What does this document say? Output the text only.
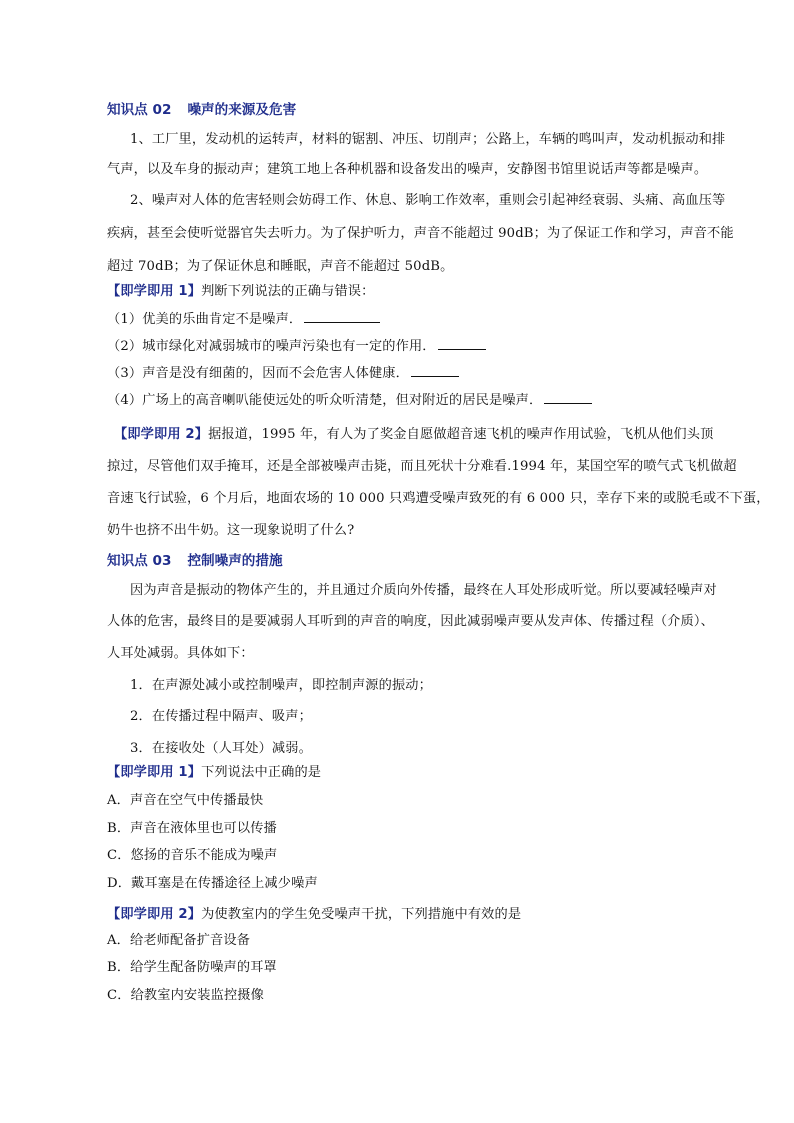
知识点 02 噪声的来源及危害
1、工厂里，发动机的运转声，材料的锯割、冲压、切削声；公路上，车辆的鸣叫声，发动机振动和排
气声，以及车身的振动声；建筑工地上各种机器和设备发出的噪声，安静图书馆里说话声等都是噪声。
2、噪声对人体的危害轻则会妨碍工作、休息、影响工作效率，重则会引起神经衰弱、头痛、高血压等
疾病，甚至会使听觉器官失去听力。为了保护听力，声音不能超过 90dB；为了保证工作和学习，声音不能
超过 70dB；为了保证休息和睡眠，声音不能超过 50dB。
【即学即用 1】判断下列说法的正确与错误：
（1）优美的乐曲肯定不是噪声．
（2）城市绿化对减弱城市的噪声污染也有一定的作用．
（3）声音是没有细菌的，因而不会危害人体健康．
（4）广场上的高音喇叭能使远处的听众听清楚，但对附近的居民是噪声．
【即学即用 2】据报道，1995 年，有人为了奖金自愿做超音速飞机的噪声作用试验，飞机从他们头顶
掠过，尽管他们双手掩耳，还是全部被噪声击毙，而且死状十分难看.1994 年，某国空军的喷气式飞机做超
音速飞行试验，6 个月后，地面农场的 10 000 只鸡遭受噪声致死的有 6 000 只，幸存下来的或脱毛或不下蛋，
奶牛也挤不出牛奶。这一现象说明了什么?
知识点 03 控制噪声的措施
因为声音是振动的物体产生的，并且通过介质向外传播，最终在人耳处形成听觉。所以要减轻噪声对
人体的危害，最终目的是要减弱人耳听到的声音的响度，因此减弱噪声要从发声体、传播过程（介质）、
人耳处减弱。具体如下：
1．在声源处减小或控制噪声，即控制声源的振动；
2．在传播过程中隔声、吸声；
3．在接收处（人耳处）减弱。
【即学即用 1】下列说法中正确的是
A．声音在空气中传播最快
B．声音在液体里也可以传播
C．悠扬的音乐不能成为噪声
D．戴耳塞是在传播途径上减少噪声
【即学即用 2】为使教室内的学生免受噪声干扰，下列措施中有效的是
A．给老师配备扩音设备
B．给学生配备防噪声的耳罩
C．给教室内安装监控摄像
